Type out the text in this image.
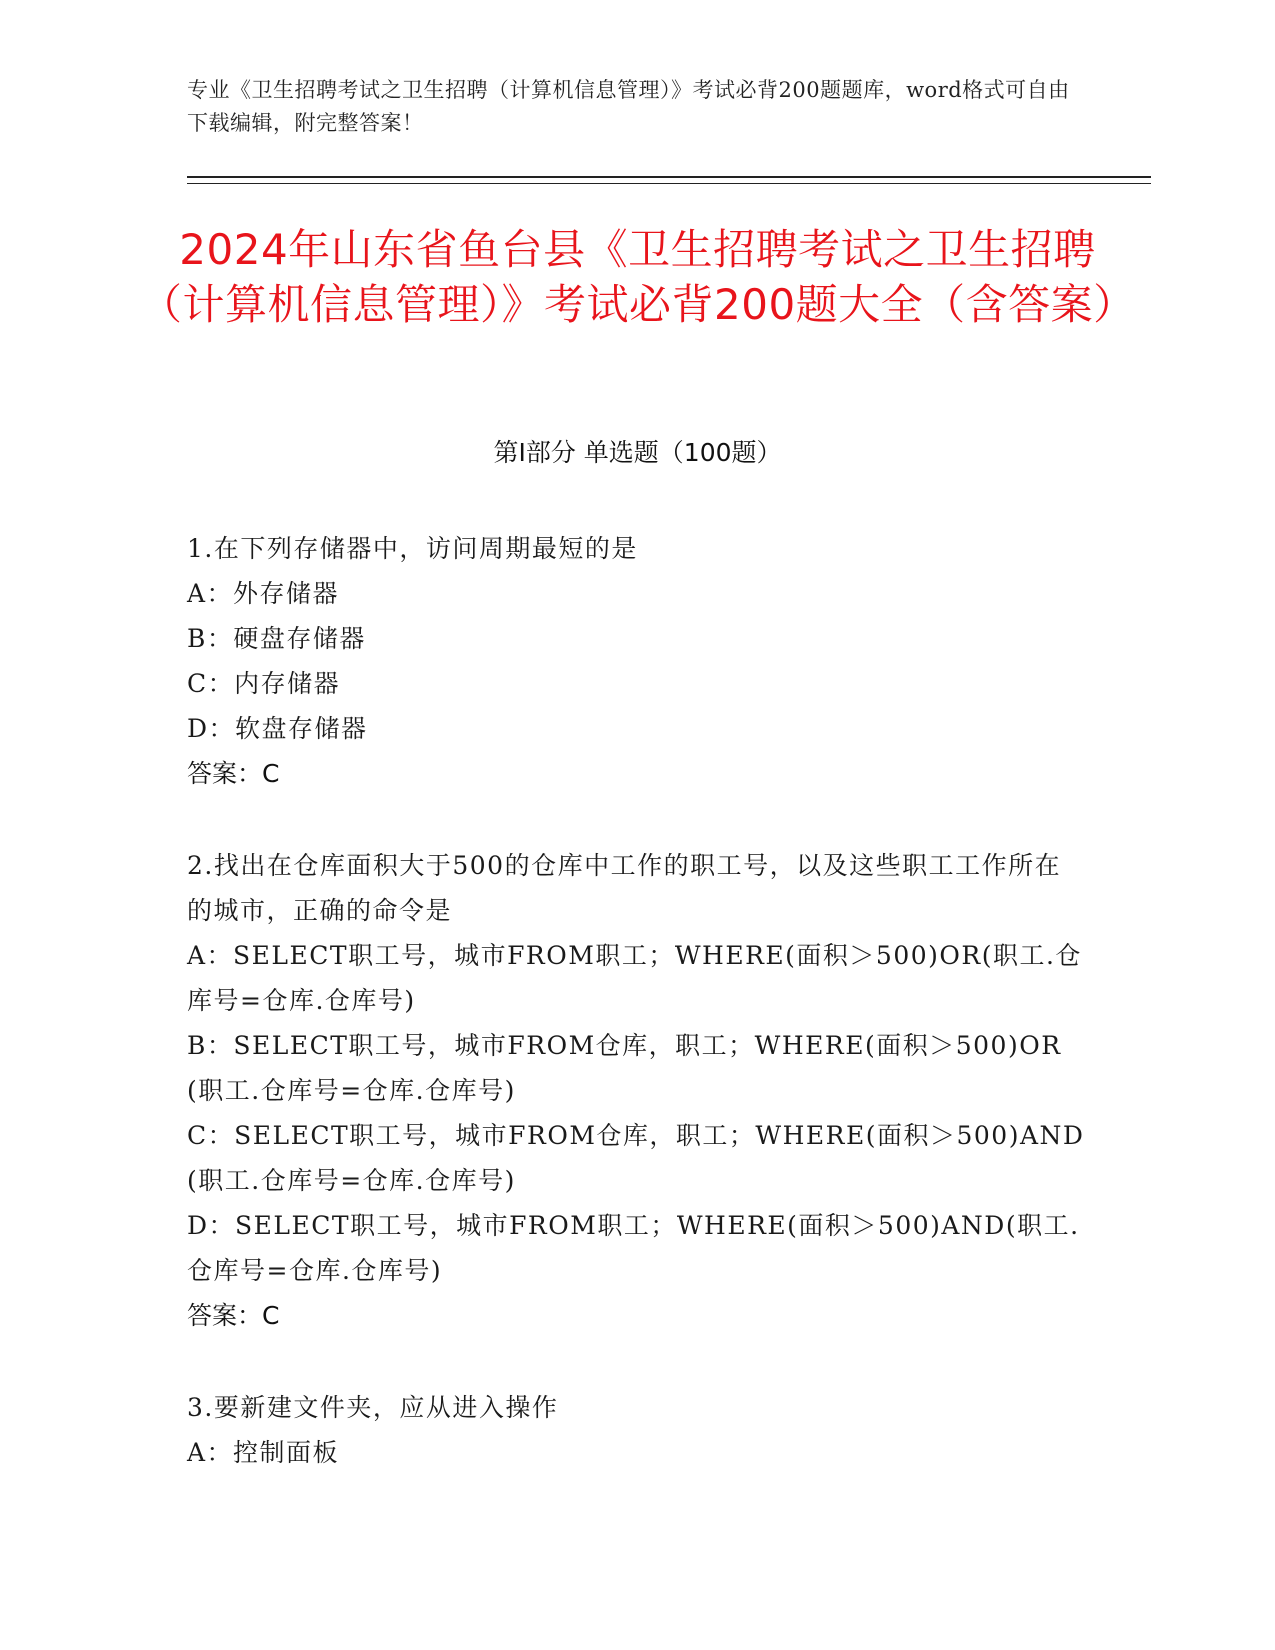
专业《卫生招聘考试之卫生招聘（计算机信息管理）》考试必背200题题库，word格式可自由下载编辑，附完整答案！
2024年山东省鱼台县《卫生招聘考试之卫生招聘（计算机信息管理）》考试必背200题大全（含答案）
第I部分 单选题（100题）
1.在下列存储器中，访问周期最短的是
A：外存储器
B：硬盘存储器
C：内存储器
D：软盘存储器
答案：C
2.找出在仓库面积大于500的仓库中工作的职工号，以及这些职工工作所在的城市，正确的命令是
A：SELECT职工号，城市FROM职工；WHERE(面积＞500)OR(职工.仓库号=仓库.仓库号)
B：SELECT职工号，城市FROM仓库，职工；WHERE(面积＞500)OR(职工.仓库号=仓库.仓库号)
C：SELECT职工号，城市FROM仓库，职工；WHERE(面积＞500)AND(职工.仓库号=仓库.仓库号)
D：SELECT职工号，城市FROM职工；WHERE(面积＞500)AND(职工.仓库号=仓库.仓库号)
答案：C
3.要新建文件夹，应从进入操作
A：控制面板
